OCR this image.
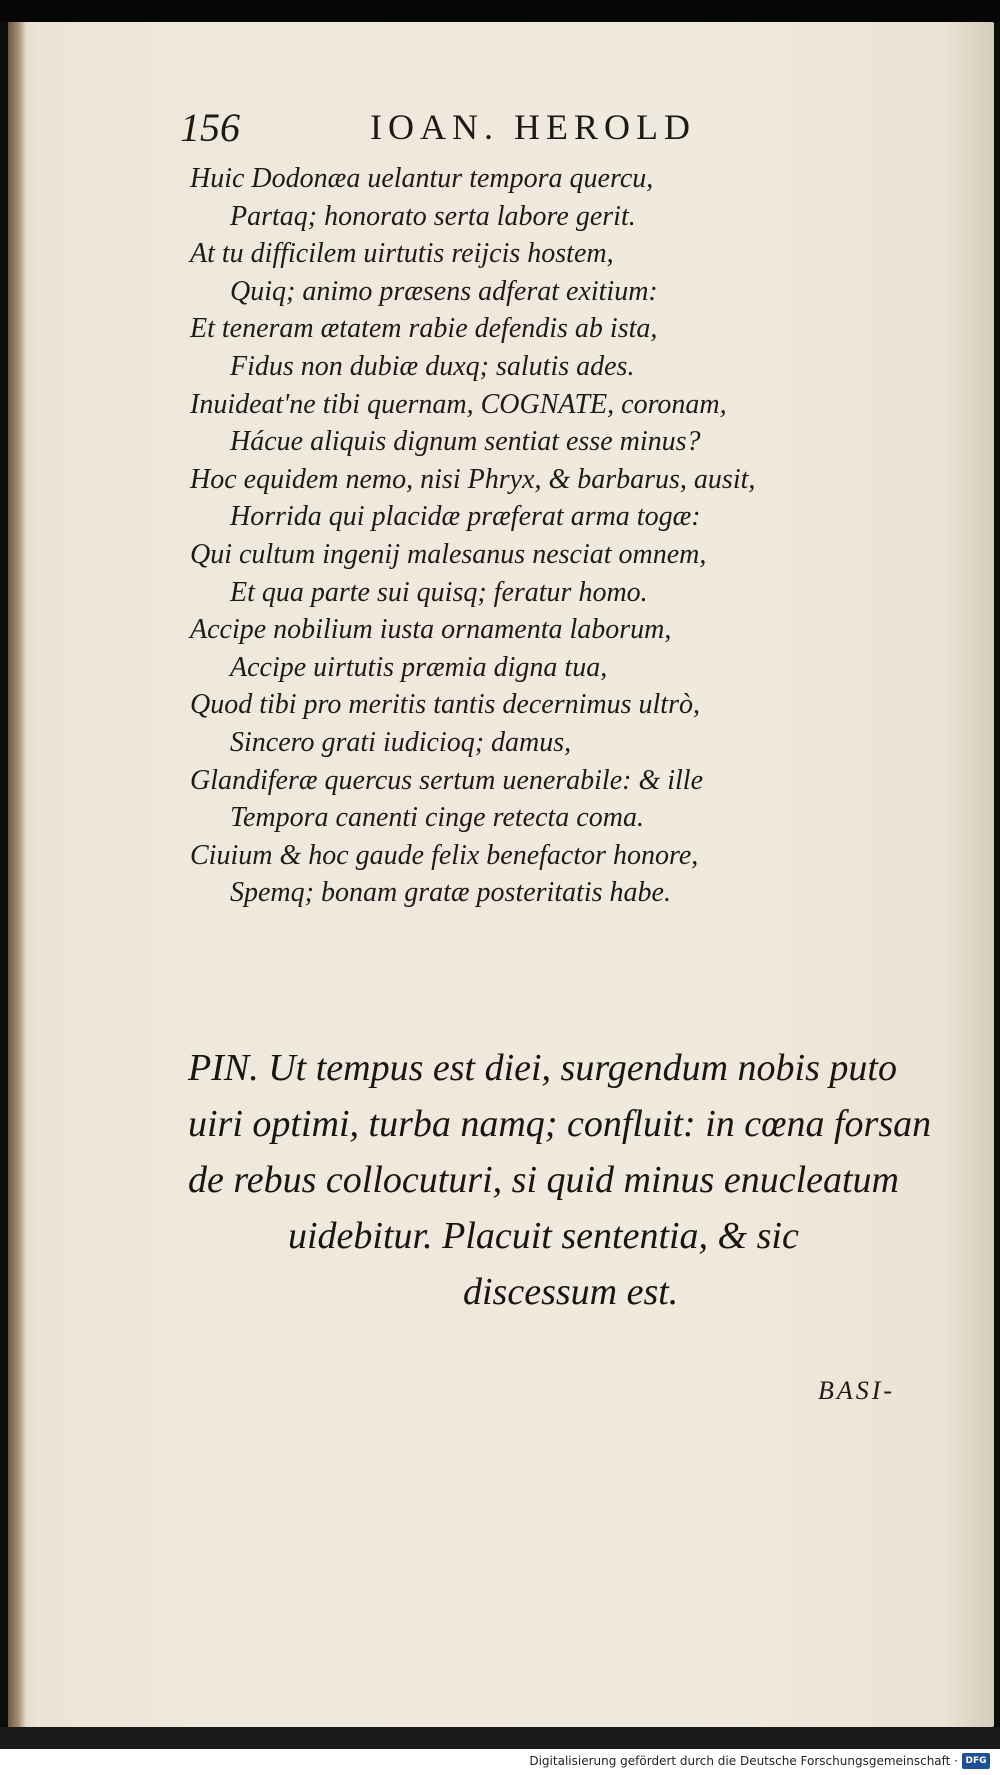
156	IOAN. HEROLD
Huic Dodonæa uelantur tempora quercu,
Partaq; honorato serta labore gerit.
At tu difficilem uirtutis reijcis hostem,
Quiq; animo præsens adferat exitium:
Et teneram ætatem rabie defendis ab ista,
Fidus non dubiæ duxq; salutis ades.
Inuideat'ne tibi quernam, COGNATE, coronam,
Hácue aliquis dignum sentiat esse minus?
Hoc equidem nemo, nisi Phryx, & barbarus, ausit,
Horrida qui placidæ præferat arma togæ:
Qui cultum ingenij malesanus nesciat omnem,
Et qua parte sui quisq; feratur homo.
Accipe nobilium iusta ornamenta laborum,
Accipe uirtutis præmia digna tua,
Quod tibi pro meritis tantis decernimus ultrò,
Sincero grati iudicioq; damus,
Glandiferæ quercus sertum uenerabile: & ille
Tempora canenti cinge retecta coma.
Ciuium & hoc gaude felix benefactor honore,
Spemq; bonam gratæ posteritatis habe.
PIN. Ut tempus est diei, surgendum nobis puto
uiri optimi, turba namq; confluit: in cœna forsan
de rebus collocuturi, si quid minus enucleatum
uidebitur. Placuit sententia, & sic
discessum est.
BASI-
Digitalisierung gefördert durch die Deutsche Forschungsgemeinschaft · DFG
